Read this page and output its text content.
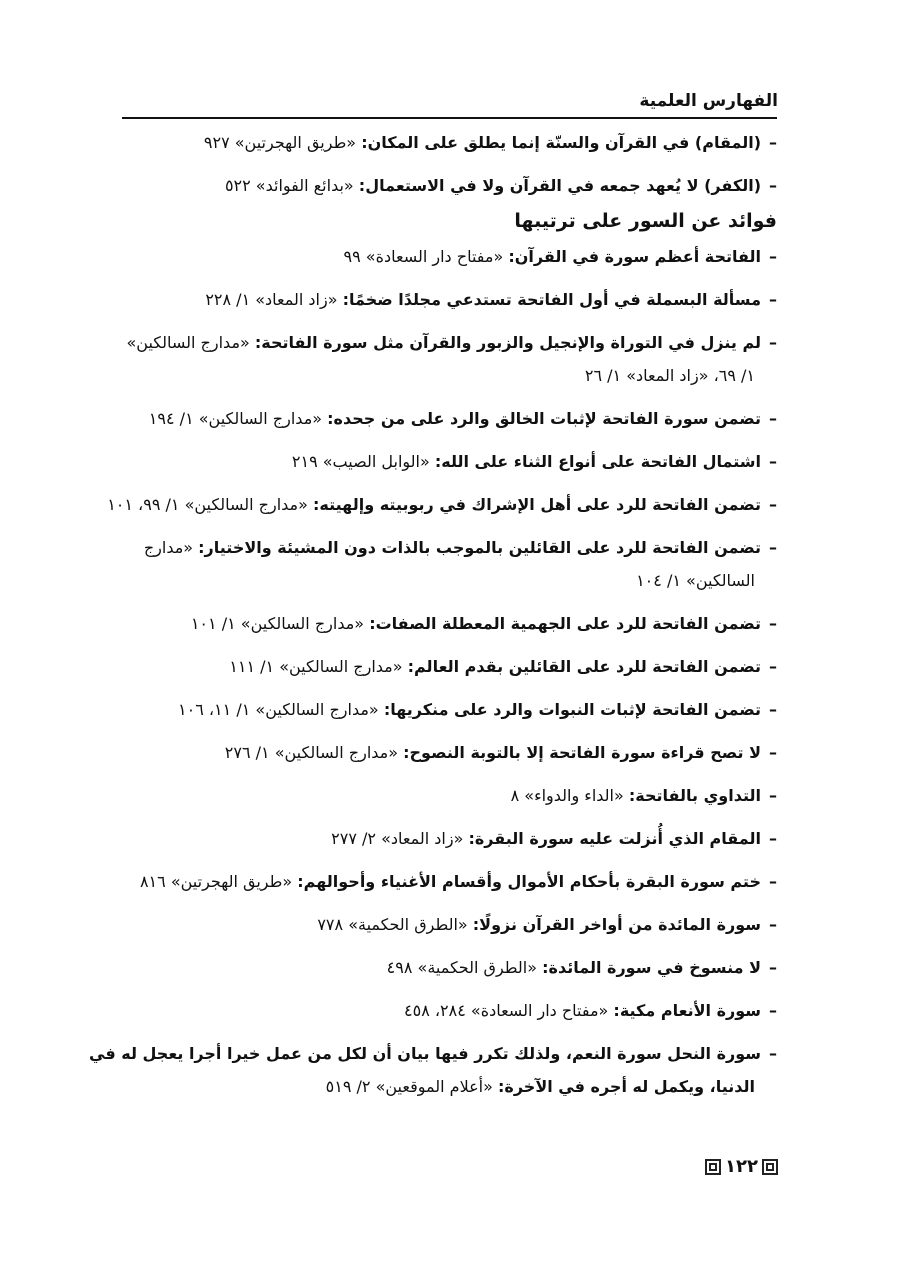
الفهارس العلمية
–(المقام) في القرآن والسنّة إنما يطلق على المكان: «طريق الهجرتين» ٩٢٧
–(الكفر) لا يُعهد جمعه في القرآن ولا في الاستعمال: «بدائع الفوائد» ٥٢٢
فوائد عن السور على ترتيبها
–الفاتحة أعظم سورة في القرآن: «مفتاح دار السعادة» ٩٩
–مسألة البسملة في أول الفاتحة تستدعي مجلدًا ضخمًا: «زاد المعاد» ١/ ٢٢٨
–لم ينزل في التوراة والإنجيل والزبور والقرآن مثل سورة الفاتحة: «مدارج السالكين»
١/ ٦٩، «زاد المعاد» ١/ ٢٦
–تضمن سورة الفاتحة لإثبات الخالق والرد على من جحده: «مدارج السالكين» ١/ ١٩٤
–اشتمال الفاتحة على أنواع الثناء على الله: «الوابل الصيب» ٢١٩
–تضمن الفاتحة للرد على أهل الإشراك في ربوبيته وإلهيته: «مدارج السالكين» ١/ ٩٩، ١٠١
–تضمن الفاتحة للرد على القائلين بالموجب بالذات دون المشيئة والاختيار: «مدارج
السالكين» ١/ ١٠٤
–تضمن الفاتحة للرد على الجهمية المعطلة الصفات: «مدارج السالكين» ١/ ١٠١
–تضمن الفاتحة للرد على القائلين بقدم العالم: «مدارج السالكين» ١/ ١١١
–تضمن الفاتحة لإثبات النبوات والرد على منكريها: «مدارج السالكين» ١/ ١١، ١٠٦
–لا تصح قراءة سورة الفاتحة إلا بالتوبة النصوح: «مدارج السالكين» ١/ ٢٧٦
–التداوي بالفاتحة: «الداء والدواء» ٨
–المقام الذي أُنزلت عليه سورة البقرة: «زاد المعاد» ٢/ ٢٧٧
–ختم سورة البقرة بأحكام الأموال وأقسام الأغنياء وأحوالهم: «طريق الهجرتين» ٨١٦
–سورة المائدة من أواخر القرآن نزولًا: «الطرق الحكمية» ٧٧٨
–لا منسوخ في سورة المائدة: «الطرق الحكمية» ٤٩٨
–سورة الأنعام مكية: «مفتاح دار السعادة» ٢٨٤، ٤٥٨
–سورة النحل سورة النعم، ولذلك تكرر فيها بيان أن لكل من عمل خيرا أجرا يعجل له في
الدنيا، ويكمل له أجره في الآخرة: «أعلام الموقعين» ٢/ ٥١٩
١٢٢
